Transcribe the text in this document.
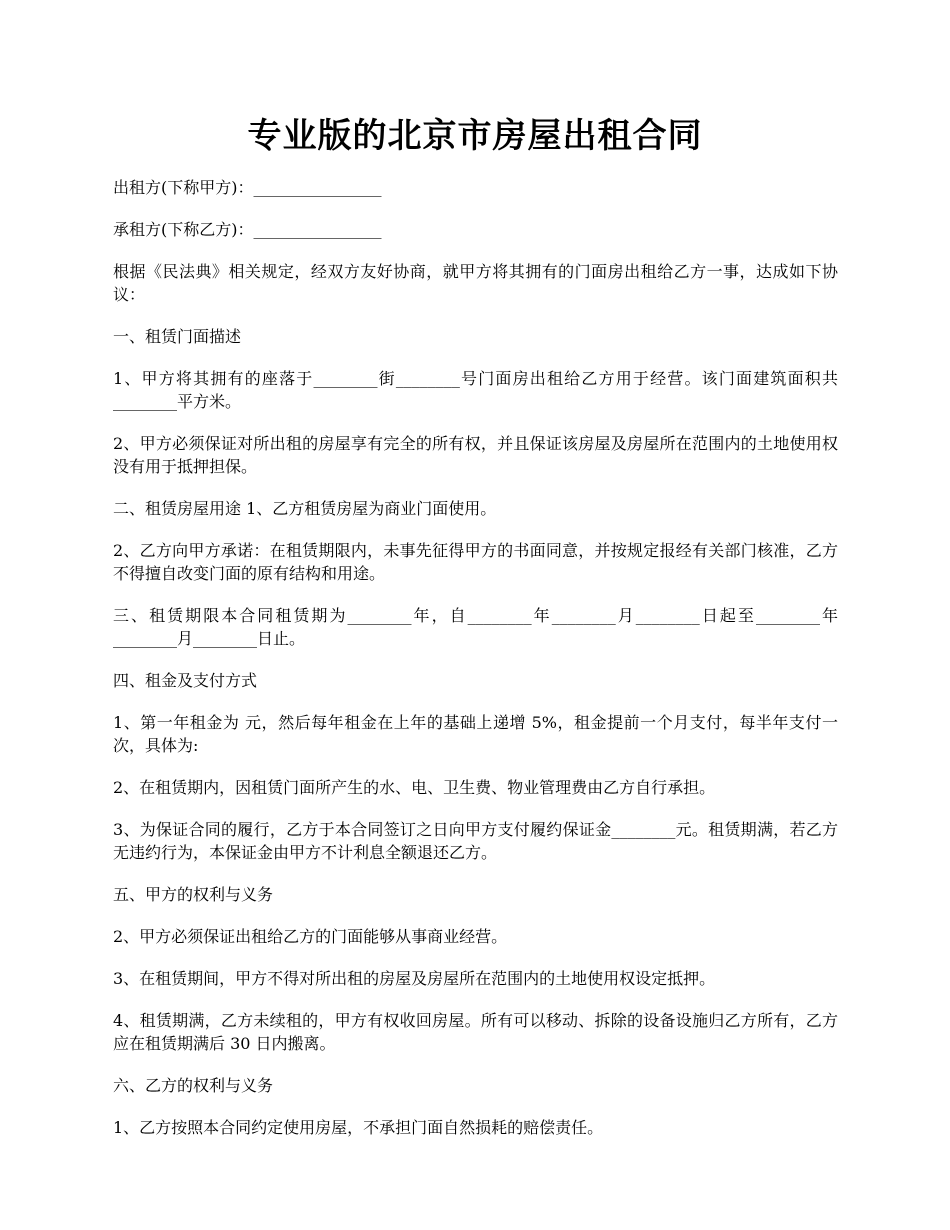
专业版的北京市房屋出租合同

出租方(下称甲方)：________________

承租方(下称乙方)：________________

根据《民法典》相关规定，经双方友好协商，就甲方将其拥有的门面房出租给乙方一事，达成如下协议：

一、租赁门面描述

1、甲方将其拥有的座落于________街________号门面房出租给乙方用于经营。该门面建筑面积共________平方米。

2、甲方必须保证对所出租的房屋享有完全的所有权，并且保证该房屋及房屋所在范围内的土地使用权没有用于抵押担保。

二、租赁房屋用途 1、乙方租赁房屋为商业门面使用。

2、乙方向甲方承诺：在租赁期限内，未事先征得甲方的书面同意，并按规定报经有关部门核准，乙方不得擅自改变门面的原有结构和用途。

三、租赁期限本合同租赁期为________年，自________年________月________日起至________年________月________日止。

四、租金及支付方式

1、第一年租金为 元，然后每年租金在上年的基础上递增 5%，租金提前一个月支付，每半年支付一次，具体为:

2、在租赁期内，因租赁门面所产生的水、电、卫生费、物业管理费由乙方自行承担。

3、为保证合同的履行，乙方于本合同签订之日向甲方支付履约保证金________元。租赁期满，若乙方无违约行为，本保证金由甲方不计利息全额退还乙方。

五、甲方的权利与义务

2、甲方必须保证出租给乙方的门面能够从事商业经营。

3、在租赁期间，甲方不得对所出租的房屋及房屋所在范围内的土地使用权设定抵押。

4、租赁期满，乙方未续租的，甲方有权收回房屋。所有可以移动、拆除的设备设施归乙方所有，乙方应在租赁期满后 30 日内搬离。

六、乙方的权利与义务

1、乙方按照本合同约定使用房屋，不承担门面自然损耗的赔偿责任。
